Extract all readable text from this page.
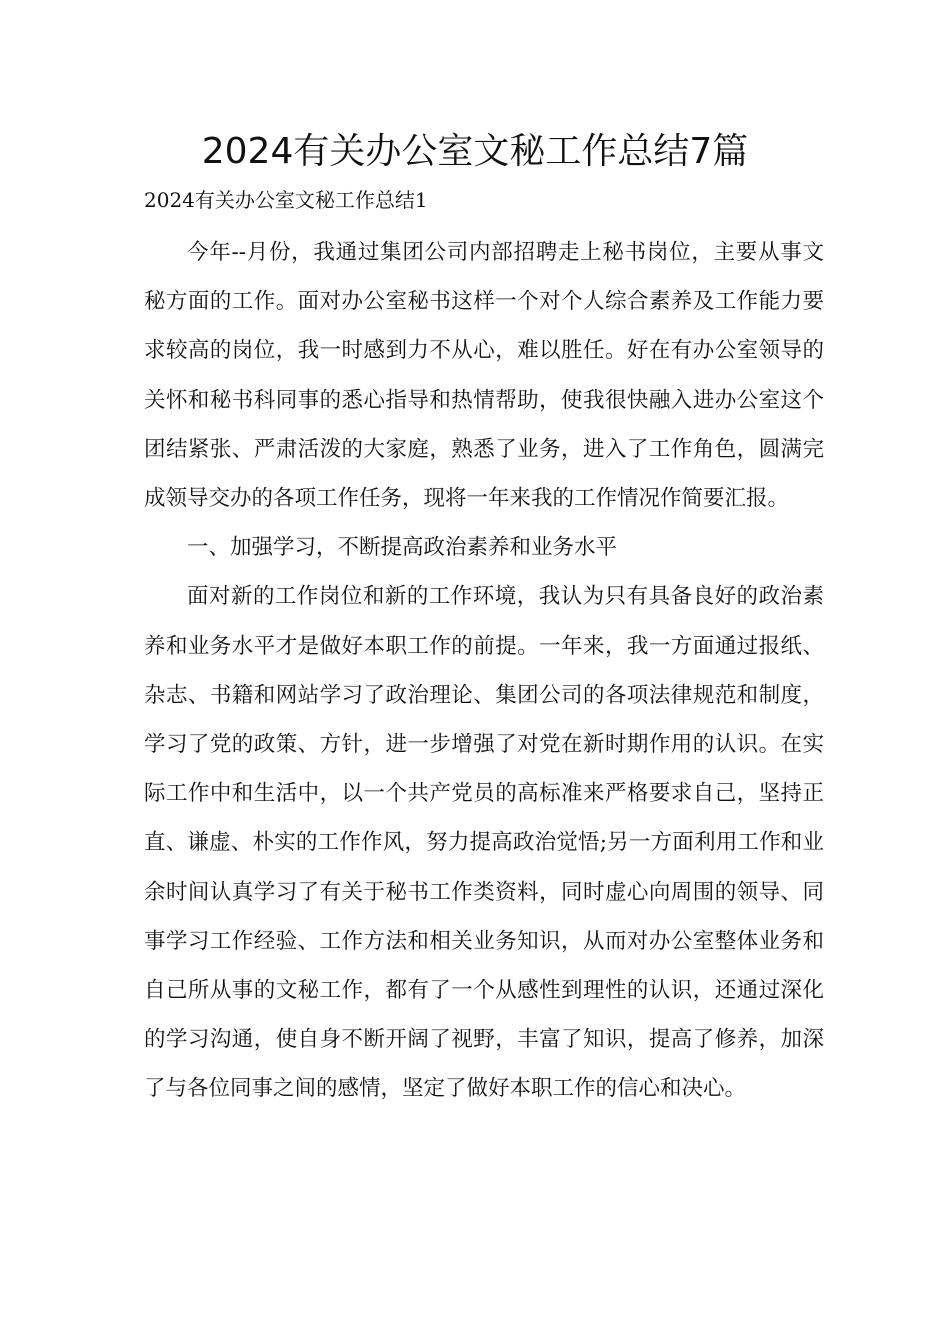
2024有关办公室文秘工作总结7篇
2024有关办公室文秘工作总结1

今年--月份，我通过集团公司内部招聘走上秘书岗位，主要从事文秘方面的工作。面对办公室秘书这样一个对个人综合素养及工作能力要求较高的岗位，我一时感到力不从心，难以胜任。好在有办公室领导的关怀和秘书科同事的悉心指导和热情帮助，使我很快融入进办公室这个团结紧张、严肃活泼的大家庭，熟悉了业务，进入了工作角色，圆满完成领导交办的各项工作任务，现将一年来我的工作情况作简要汇报。

一、加强学习，不断提高政治素养和业务水平

面对新的工作岗位和新的工作环境，我认为只有具备良好的政治素养和业务水平才是做好本职工作的前提。一年来，我一方面通过报纸、杂志、书籍和网站学习了政治理论、集团公司的各项法律规范和制度，学习了党的政策、方针，进一步增强了对党在新时期作用的认识。在实际工作中和生活中，以一个共产党员的高标准来严格要求自己，坚持正直、谦虚、朴实的工作作风，努力提高政治觉悟;另一方面利用工作和业余时间认真学习了有关于秘书工作类资料，同时虚心向周围的领导、同事学习工作经验、工作方法和相关业务知识，从而对办公室整体业务和自己所从事的文秘工作，都有了一个从感性到理性的认识，还通过深化的学习沟通，使自身不断开阔了视野，丰富了知识，提高了修养，加深了与各位同事之间的感情，坚定了做好本职工作的信心和决心。
